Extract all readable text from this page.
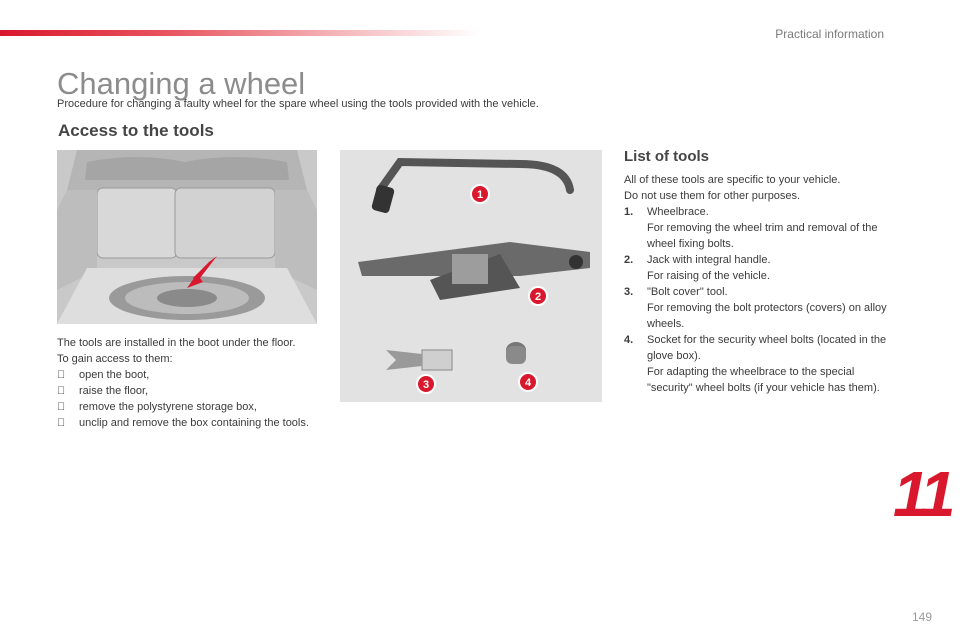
Practical information
Changing a wheel
Procedure for changing a faulty wheel for the spare wheel using the tools provided with the vehicle.
Access to the tools
1
2
3	4

The tools are installed in the boot under the floor.

To gain access to them:

open the boot,
raise the floor,
remove the polystyrene storage box,
unclip and remove the box containing the tools.
List of tools

All of these tools are specific to your vehicle.

Do not use them for other purposes.

1. Wheelbrace.
For removing the wheel trim and removal of the wheel fixing bolts.
2. Jack with integral handle.
For raising of the vehicle.
3. "Bolt cover" tool.
For removing the bolt protectors (covers) on alloy wheels.
4. Socket for the security wheel bolts (located in the glove box).
For adapting the wheelbrace to the special "security" wheel bolts (if your vehicle has them).
11
149
